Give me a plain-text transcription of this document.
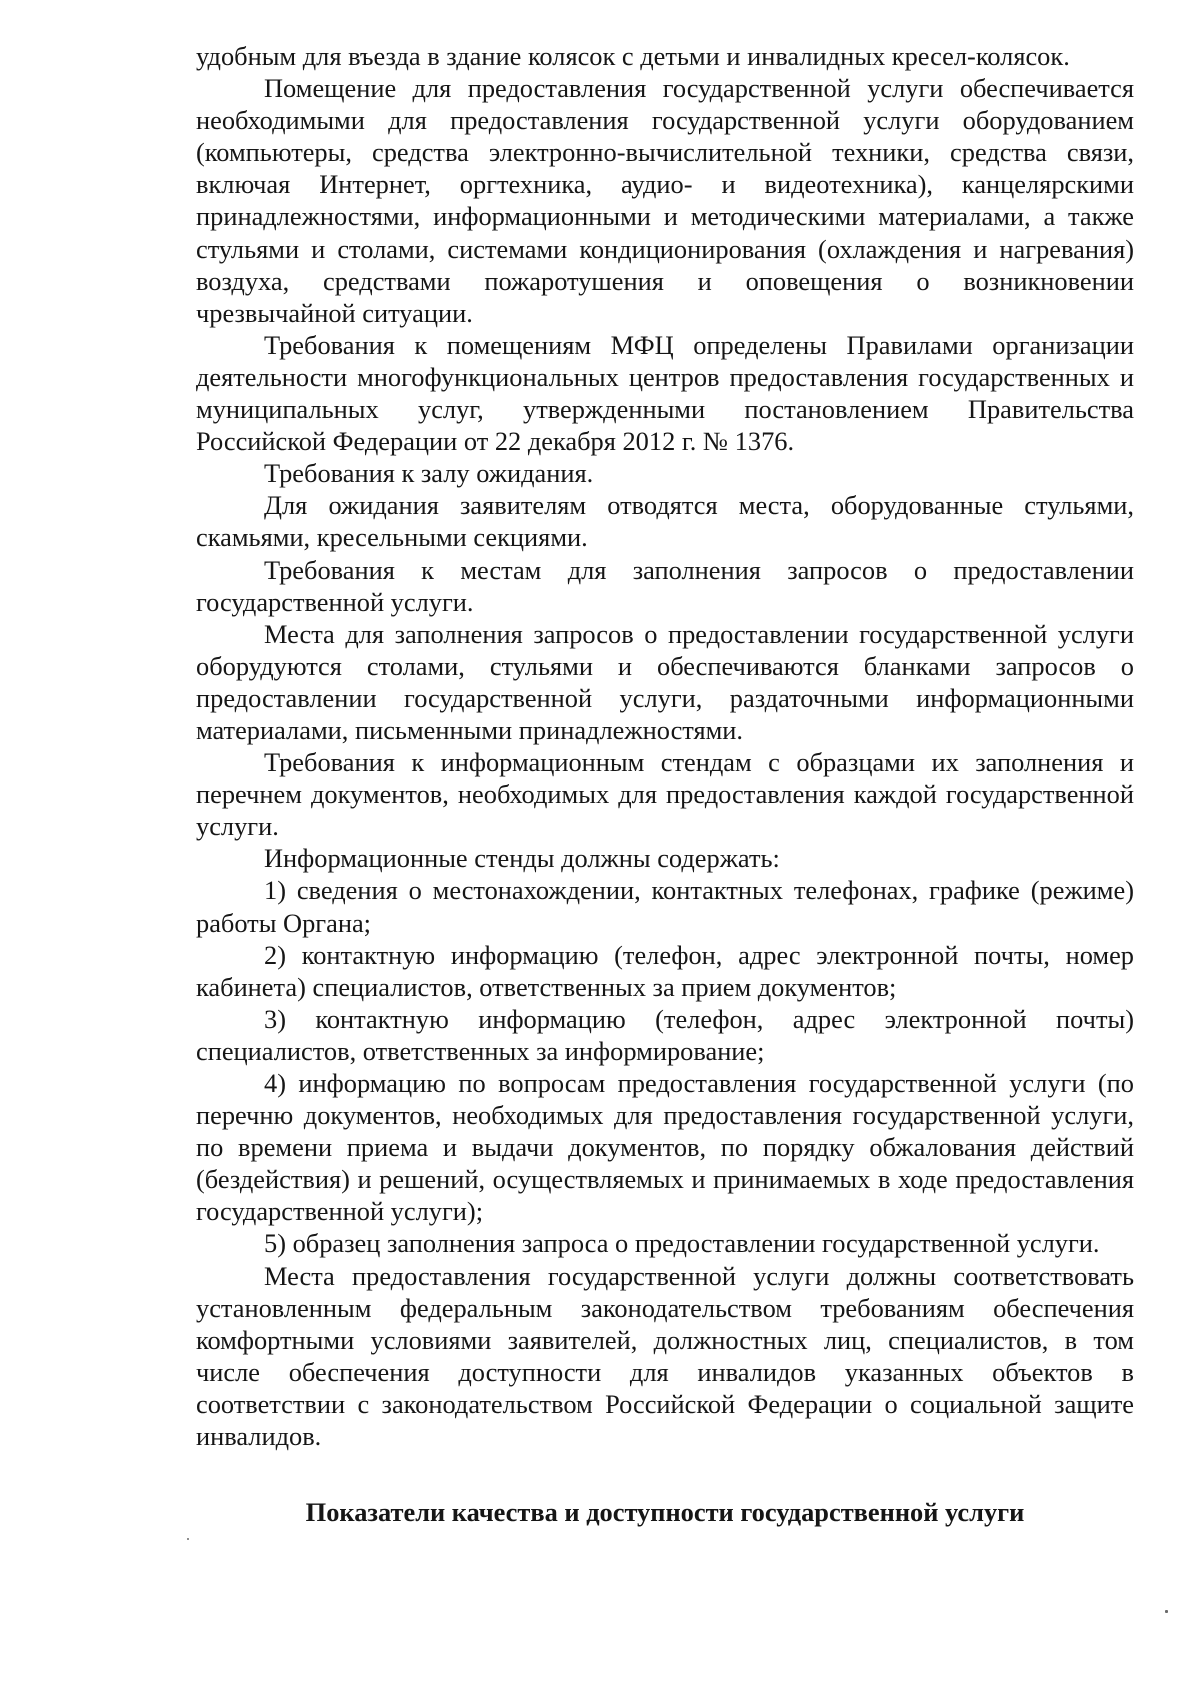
удобным для въезда в здание колясок с детьми и инвалидных кресел-колясок.

Помещение для предоставления государственной услуги обеспечивается необходимыми для предоставления государственной услуги оборудованием (компьютеры, средства электронно-вычислительной техники, средства связи, включая Интернет, оргтехника, аудио- и видеотехника), канцелярскими принадлежностями, информационными и методическими материалами, а также стульями и столами, системами кондиционирования (охлаждения и нагревания) воздуха, средствами пожаротушения и оповещения о возникновении чрезвычайной ситуации.

Требования к помещениям МФЦ определены Правилами организации деятельности многофункциональных центров предоставления государственных и муниципальных услуг, утвержденными постановлением Правительства Российской Федерации от 22 декабря 2012 г. № 1376.

Требования к залу ожидания.

Для ожидания заявителям отводятся места, оборудованные стульями, скамьями, кресельными секциями.

Требования к местам для заполнения запросов о предоставлении государственной услуги.

Места для заполнения запросов о предоставлении государственной услуги оборудуются столами, стульями и обеспечиваются бланками запросов о предоставлении государственной услуги, раздаточными информационными материалами, письменными принадлежностями.

Требования к информационным стендам с образцами их заполнения и перечнем документов, необходимых для предоставления каждой государственной услуги.

Информационные стенды должны содержать:

1) сведения о местонахождении, контактных телефонах, графике (режиме) работы Органа;

2) контактную информацию (телефон, адрес электронной почты, номер кабинета) специалистов, ответственных за прием документов;

3) контактную информацию (телефон, адрес электронной почты) специалистов, ответственных за информирование;

4) информацию по вопросам предоставления государственной услуги (по перечню документов, необходимых для предоставления государственной услуги, по времени приема и выдачи документов, по порядку обжалования действий (бездействия) и решений, осуществляемых и принимаемых в ходе предоставления государственной услуги);

5) образец заполнения запроса о предоставлении государственной услуги.

Места предоставления государственной услуги должны соответствовать установленным федеральным законодательством требованиям обеспечения комфортными условиями заявителей, должностных лиц, специалистов, в том числе обеспечения доступности для инвалидов указанных объектов в соответствии с законодательством Российской Федерации о социальной защите инвалидов.

Показатели качества и доступности государственной услуги
